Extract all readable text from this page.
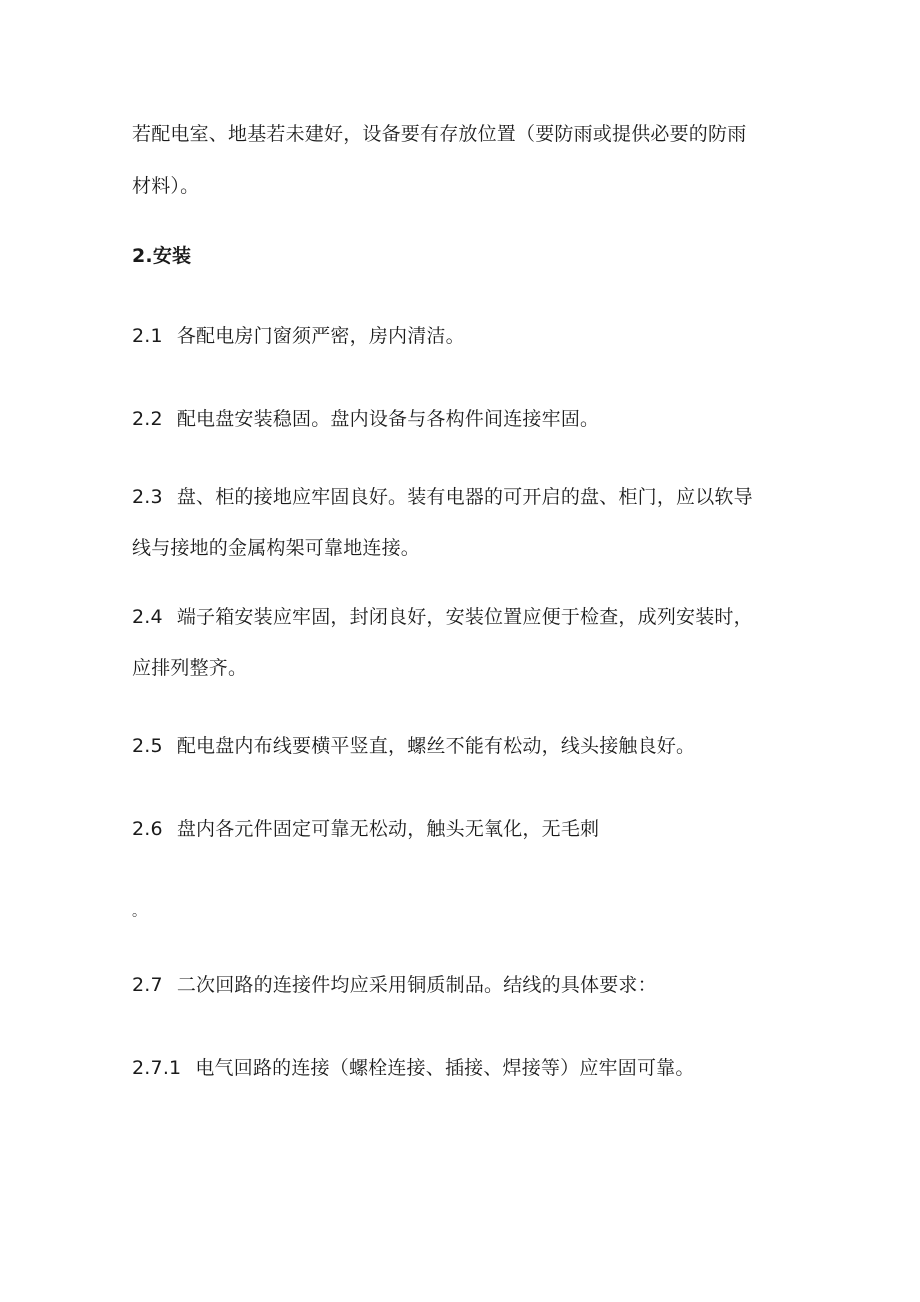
若配电室、地基若未建好，设备要有存放位置（要防雨或提供必要的防雨
材料）。
2.安装
2.1 各配电房门窗须严密，房内清洁。
2.2 配电盘安装稳固。盘内设备与各构件间连接牢固。
2.3 盘、柜的接地应牢固良好。装有电器的可开启的盘、柜门，应以软导
线与接地的金属构架可靠地连接。
2.4 端子箱安装应牢固，封闭良好，安装位置应便于检查，成列安装时，
应排列整齐。
2.5 配电盘内布线要横平竖直，螺丝不能有松动，线头接触良好。
2.6 盘内各元件固定可靠无松动，触头无氧化，无毛刺
。
2.7 二次回路的连接件均应采用铜质制品。结线的具体要求：
2.7.1 电气回路的连接（螺栓连接、插接、焊接等）应牢固可靠。
